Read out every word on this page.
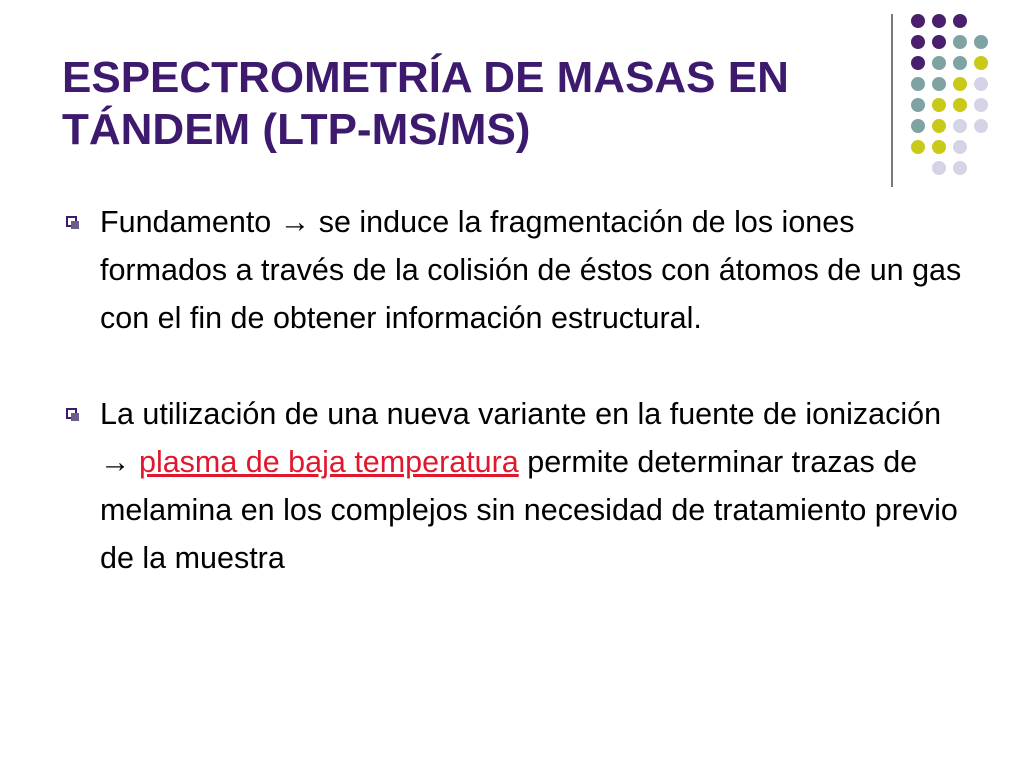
ESPECTROMETRÍA DE MASAS EN
TÁNDEM (LTP-MS/MS)
Fundamento → se induce la fragmentación de los iones formados a través de la colisión de éstos con átomos de un gas con el fin de obtener información estructural.
La utilización de una nueva variante en la fuente de ionización → plasma de baja temperatura permite determinar trazas de melamina en los complejos sin necesidad de tratamiento previo de la muestra
